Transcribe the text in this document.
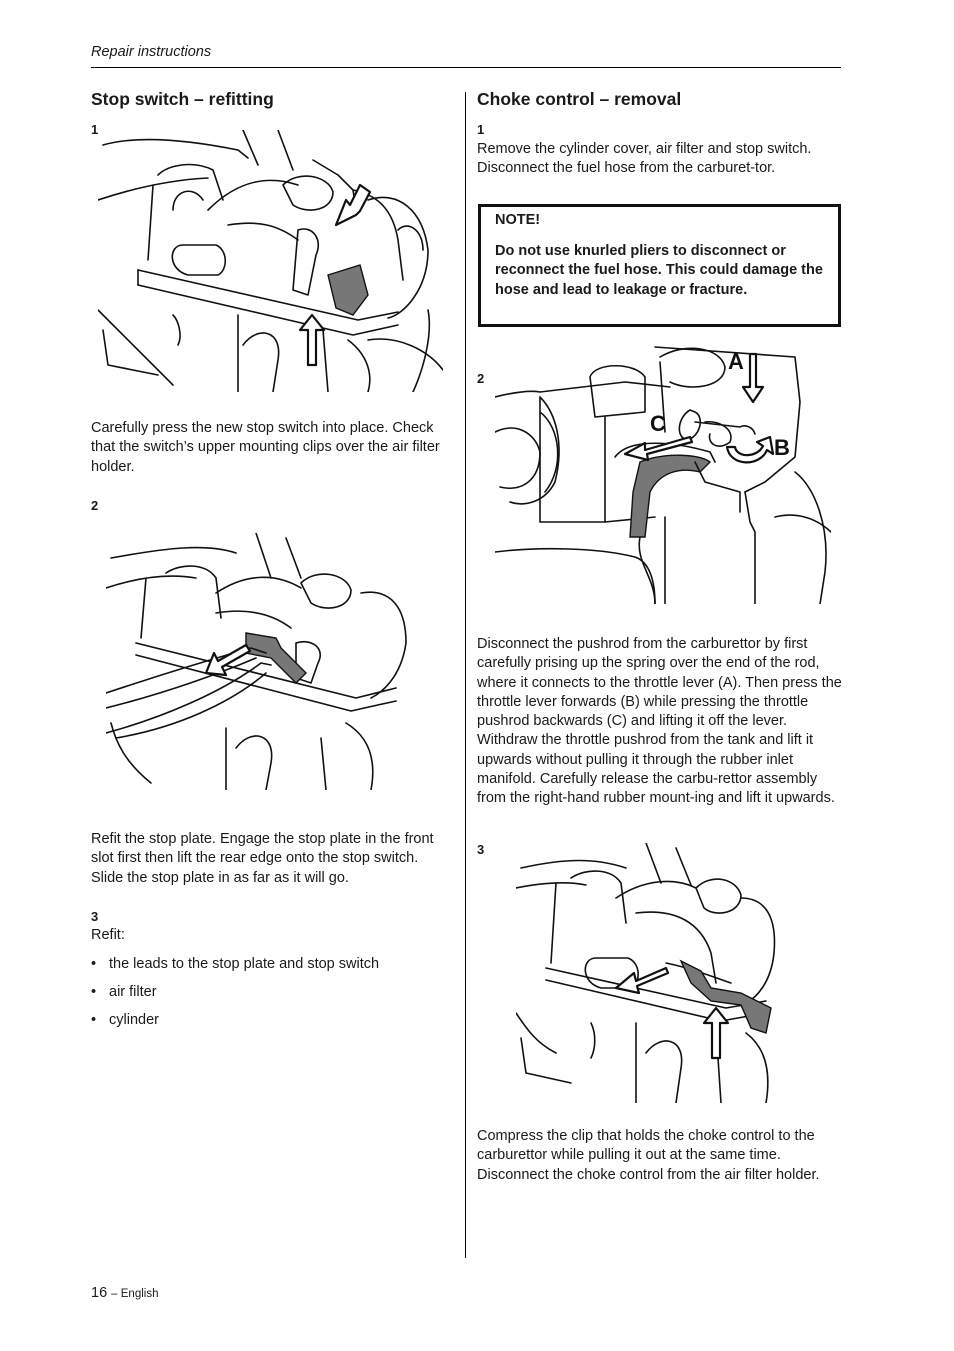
Repair instructions
Stop switch – refitting
1
Carefully press the new stop switch into place. Check that the switch’s upper mounting clips over the air filter holder.
2
Refit the stop plate. Engage the stop plate in the front slot first then lift the rear edge onto the stop switch. Slide the stop plate in as far as it will go.
3
Refit:
• the leads to the stop plate and stop switch
• air filter
• cylinder
Choke control – removal
1
Remove the cylinder cover, air filter and stop switch. Disconnect the fuel hose from the carburet-tor.
NOTE!
Do not use knurled pliers to disconnect or reconnect the fuel hose. This could damage the hose and lead to leakage or fracture.
2
A
B
C
Disconnect the pushrod from the carburettor by first carefully prising up the spring over the end of the rod, where it connects to the throttle lever (A). Then press the throttle lever forwards (B) while pressing the throttle pushrod backwards (C) and lifting it off the lever. Withdraw the throttle pushrod from the tank and lift it upwards without pulling it through the rubber inlet manifold. Carefully release the carbu-rettor assembly from the right-hand rubber mount-ing and lift it upwards.
3
Compress the clip that holds the choke control to the carburettor while pulling it out at the same time. Disconnect the choke control from the air filter holder.
16 – English
